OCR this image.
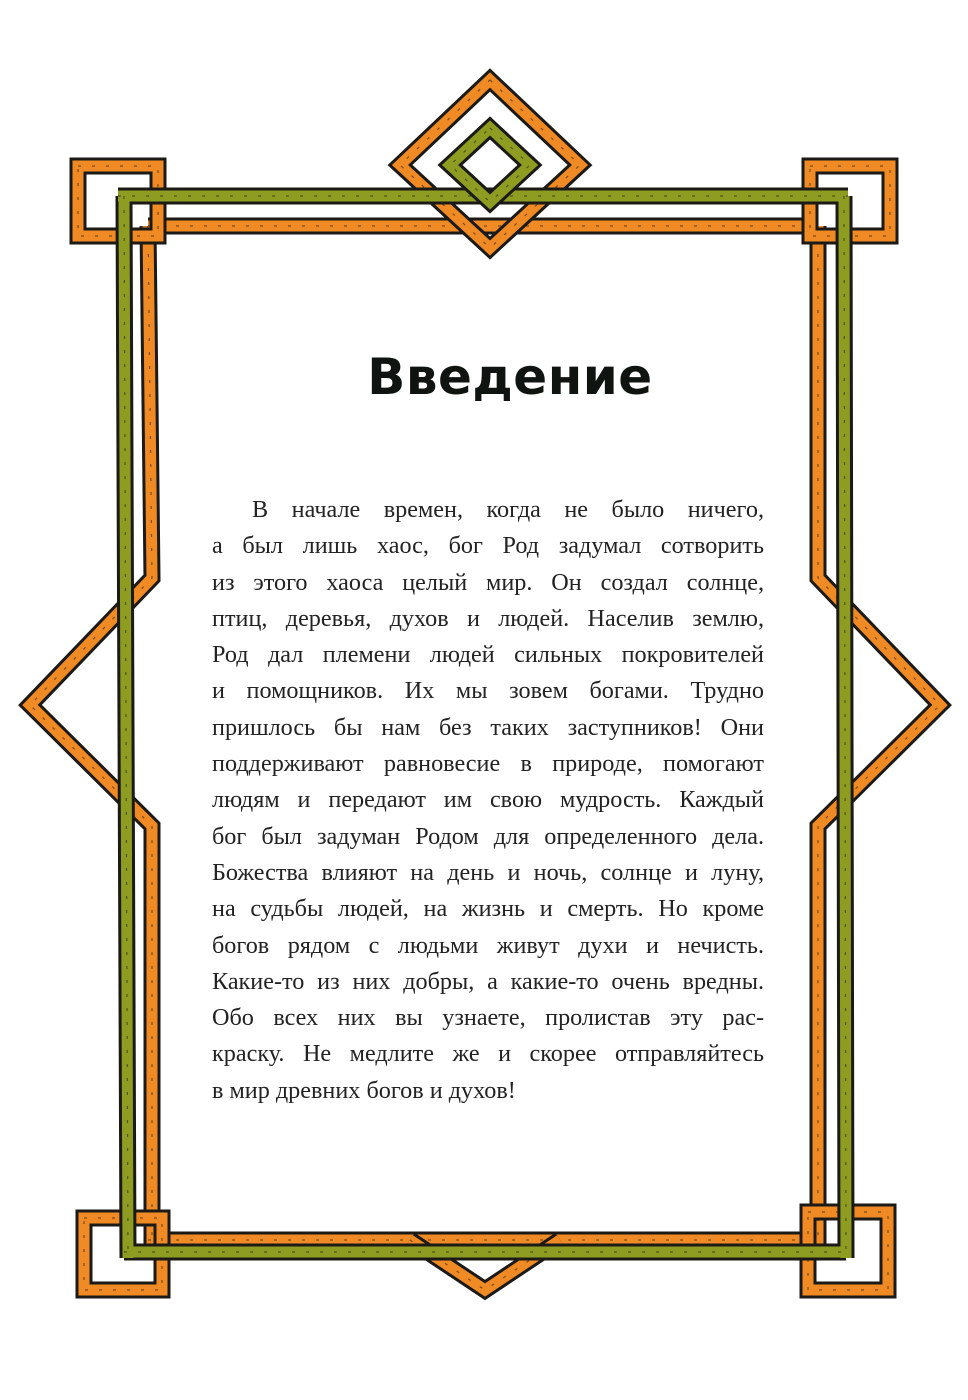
Введение
В начале времен, когда не было ничего,
а был лишь хаос, бог Род задумал сотворить
из этого хаоса целый мир. Он создал солнце,
птиц, деревья, духов и людей. Населив землю,
Род дал племени людей сильных покровителей
и помощников. Их мы зовем богами. Трудно
пришлось бы нам без таких заступников! Они
поддерживают равновесие в природе, помогают
людям и передают им свою мудрость. Каждый
бог был задуман Родом для определенного дела.
Божества влияют на день и ночь, солнце и луну,
на судьбы людей, на жизнь и смерть. Но кроме
богов рядом с людьми живут духи и нечисть.
Какие-то из них добры, а какие-то очень вредны.
Обо всех них вы узнаете, пролистав эту рас-
краску. Не медлите же и скорее отправляйтесь
в мир древних богов и духов!
